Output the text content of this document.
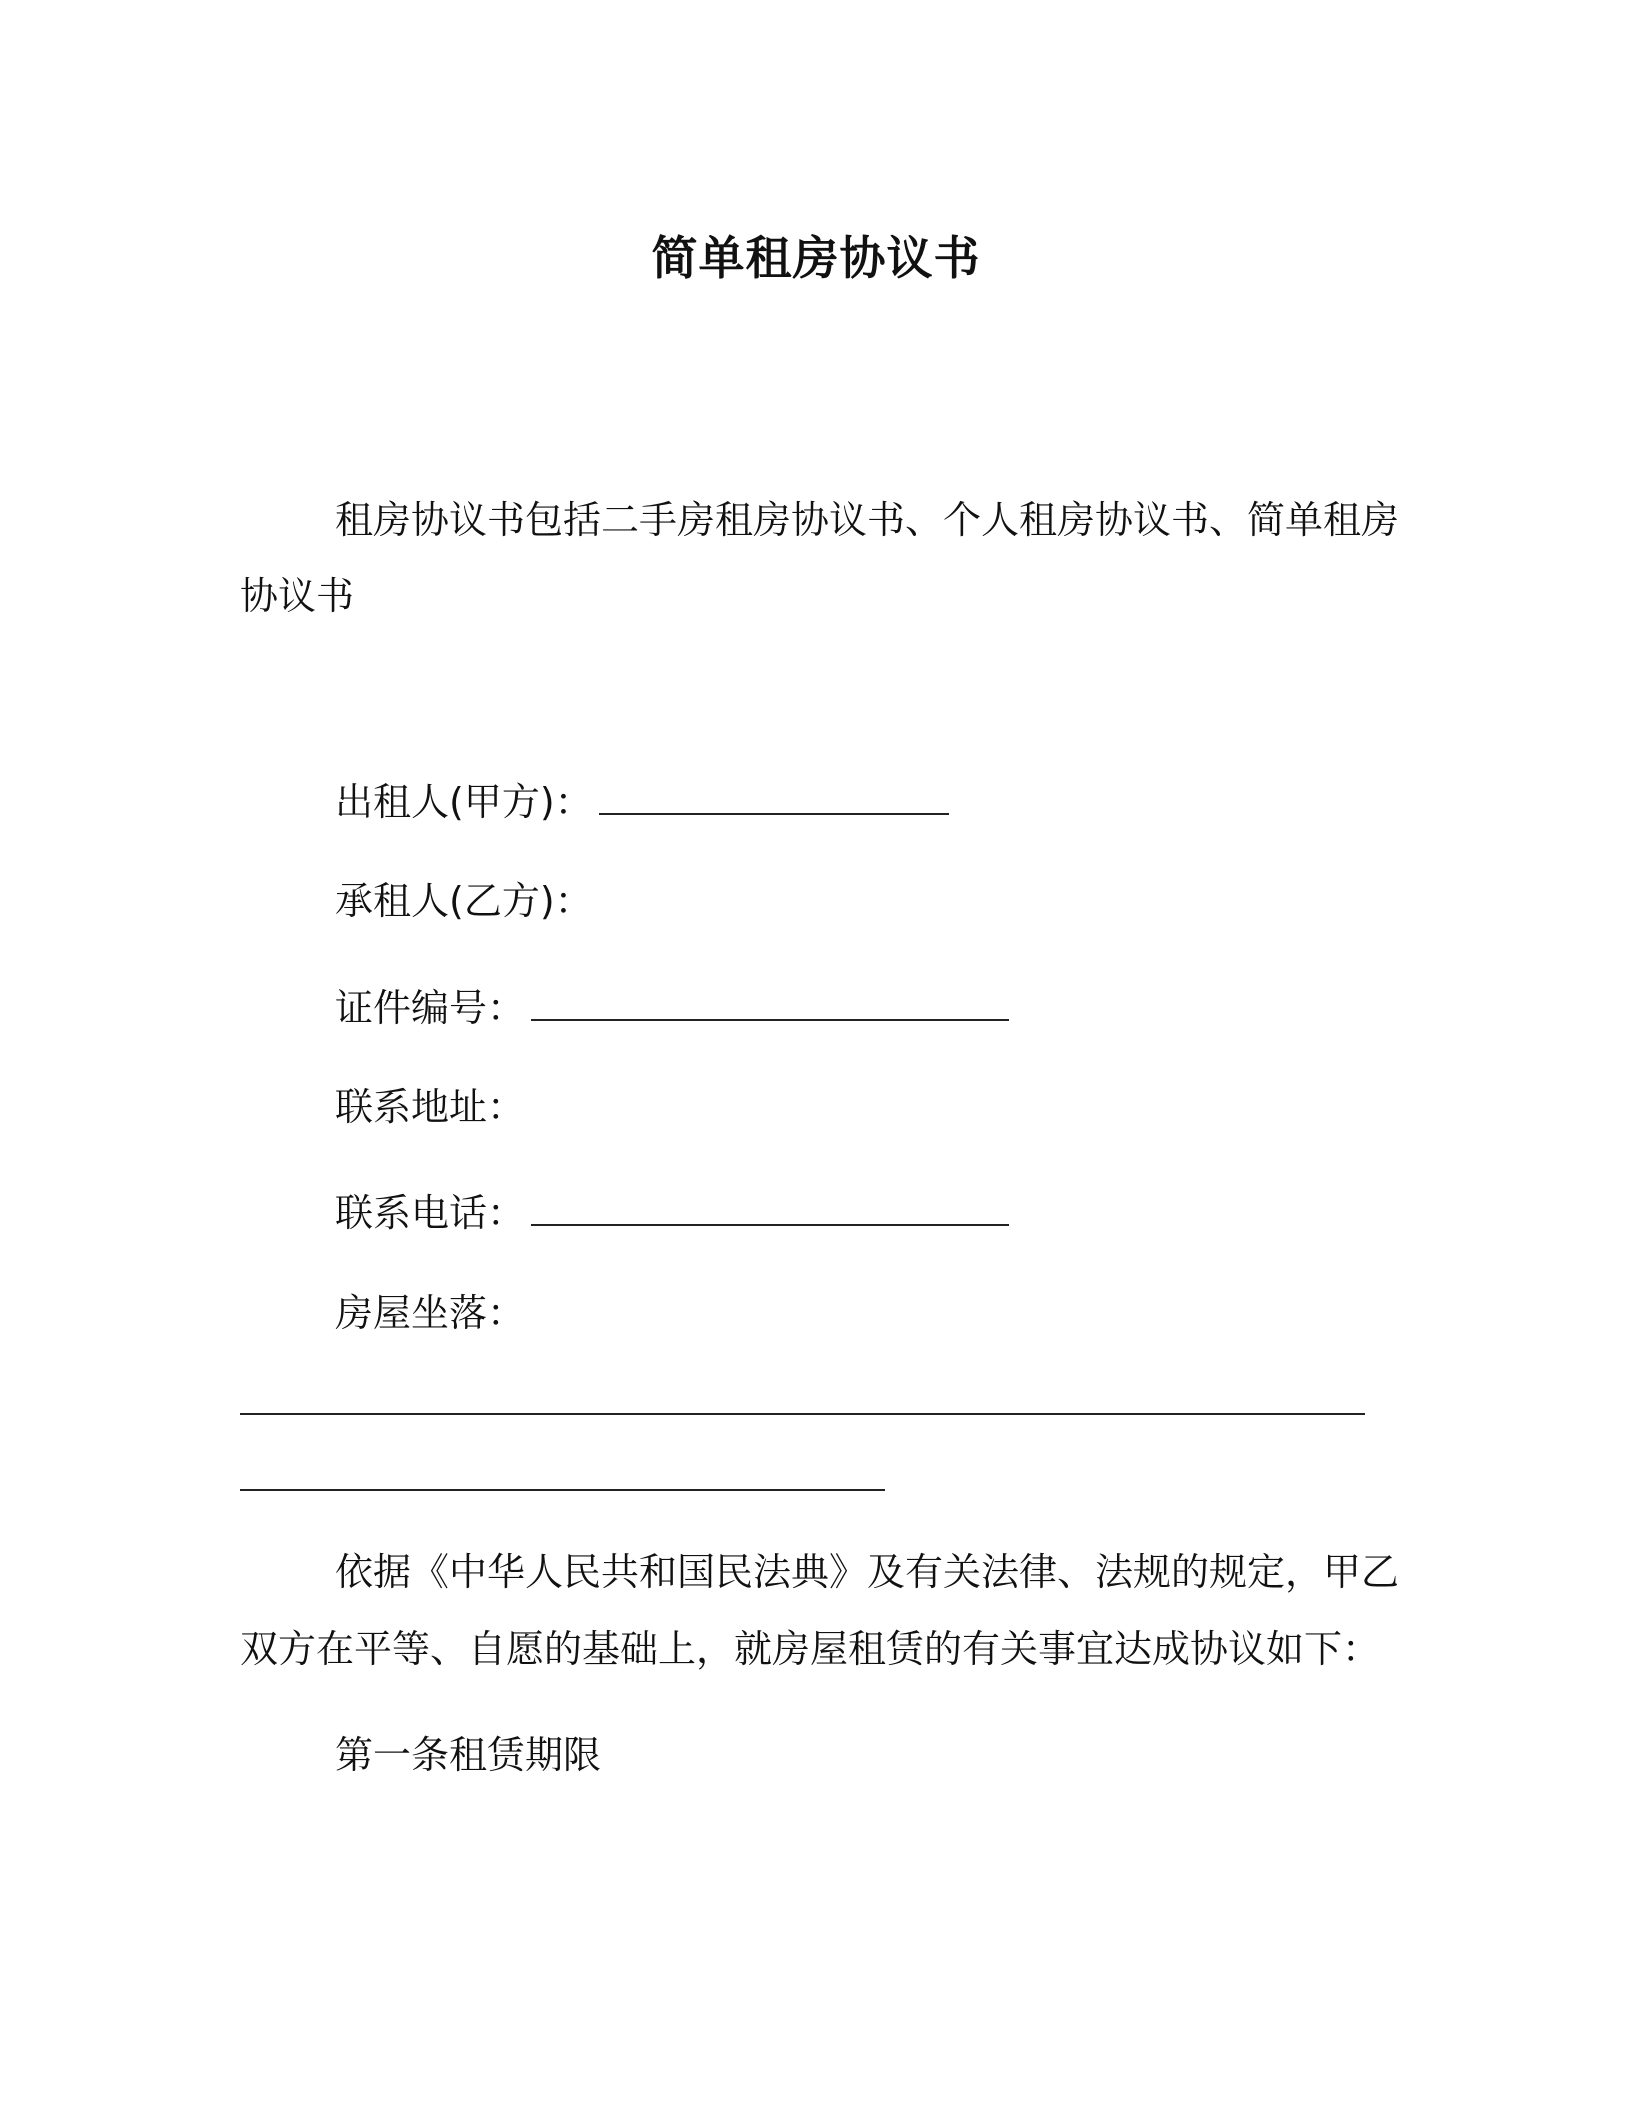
简单租房协议书
租房协议书包括二手房租房协议书、个人租房协议书、简单租房
协议书
出租人(甲方)：
承租人(乙方)：
证件编号：
联系地址：
联系电话：
房屋坐落：
依据《中华人民共和国民法典》及有关法律、法规的规定，甲乙
双方在平等、自愿的基础上，就房屋租赁的有关事宜达成协议如下：
第一条租赁期限
